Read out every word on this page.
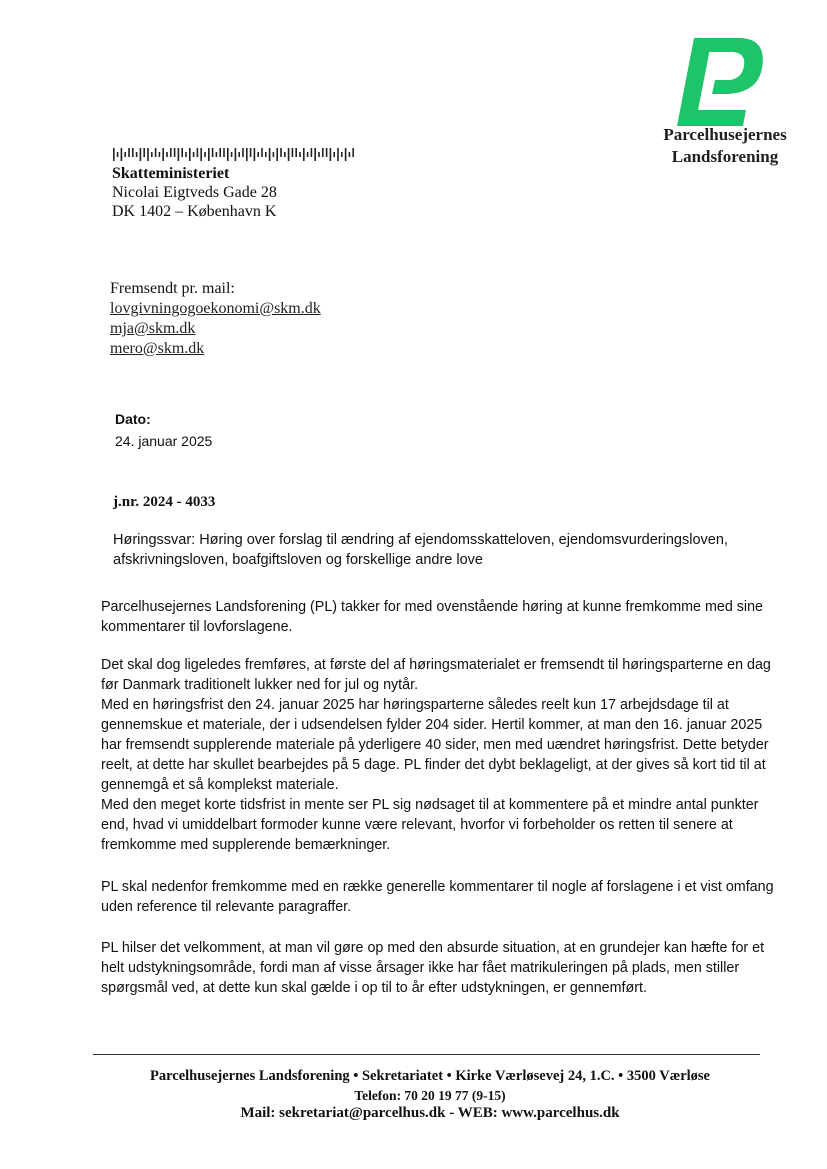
Parcelhusejernes
Landsforening
Skatteministeriet
Nicolai Eigtveds Gade 28
DK 1402 – København K
Fremsendt pr. mail:
lovgivningogoekonomi@skm.dk
mja@skm.dk
mero@skm.dk
Dato:
24. januar 2025
j.nr. 2024 - 4033
Høringssvar: Høring over forslag til ændring af ejendomsskatteloven, ejendomsvurderingsloven, afskrivningsloven, boafgiftsloven og forskellige andre love
Parcelhusejernes Landsforening (PL) takker for med ovenstående høring at kunne fremkomme med sine kommentarer til lovforslagene.
Det skal dog ligeledes fremføres, at første del af høringsmaterialet er fremsendt til høringsparterne en dag før Danmark traditionelt lukker ned for jul og nytår.
Med en høringsfrist den 24. januar 2025 har høringsparterne således reelt kun 17 arbejdsdage til at gennemskue et materiale, der i udsendelsen fylder 204 sider. Hertil kommer, at man den 16. januar 2025 har fremsendt supplerende materiale på yderligere 40 sider, men med uændret høringsfrist. Dette betyder reelt, at dette har skullet bearbejdes på 5 dage. PL finder det dybt beklageligt, at der gives så kort tid til at gennemgå et så komplekst materiale.
Med den meget korte tidsfrist in mente ser PL sig nødsaget til at kommentere på et mindre antal punkter end, hvad vi umiddelbart formoder kunne være relevant, hvorfor vi forbeholder os retten til senere at fremkomme med supplerende bemærkninger.
PL skal nedenfor fremkomme med en række generelle kommentarer til nogle af forslagene i et vist omfang uden reference til relevante paragraffer.
PL hilser det velkomment, at man vil gøre op med den absurde situation, at en grundejer kan hæfte for et helt udstykningsområde, fordi man af visse årsager ikke har fået matrikuleringen på plads, men stiller spørgsmål ved, at dette kun skal gælde i op til to år efter udstykningen, er gennemført.
Parcelhusejernes Landsforening • Sekretariatet • Kirke Værløsevej 24, 1.C. • 3500 Værløse
Telefon: 70 20 19 77 (9-15)
Mail: sekretariat@parcelhus.dk - WEB: www.parcelhus.dk
